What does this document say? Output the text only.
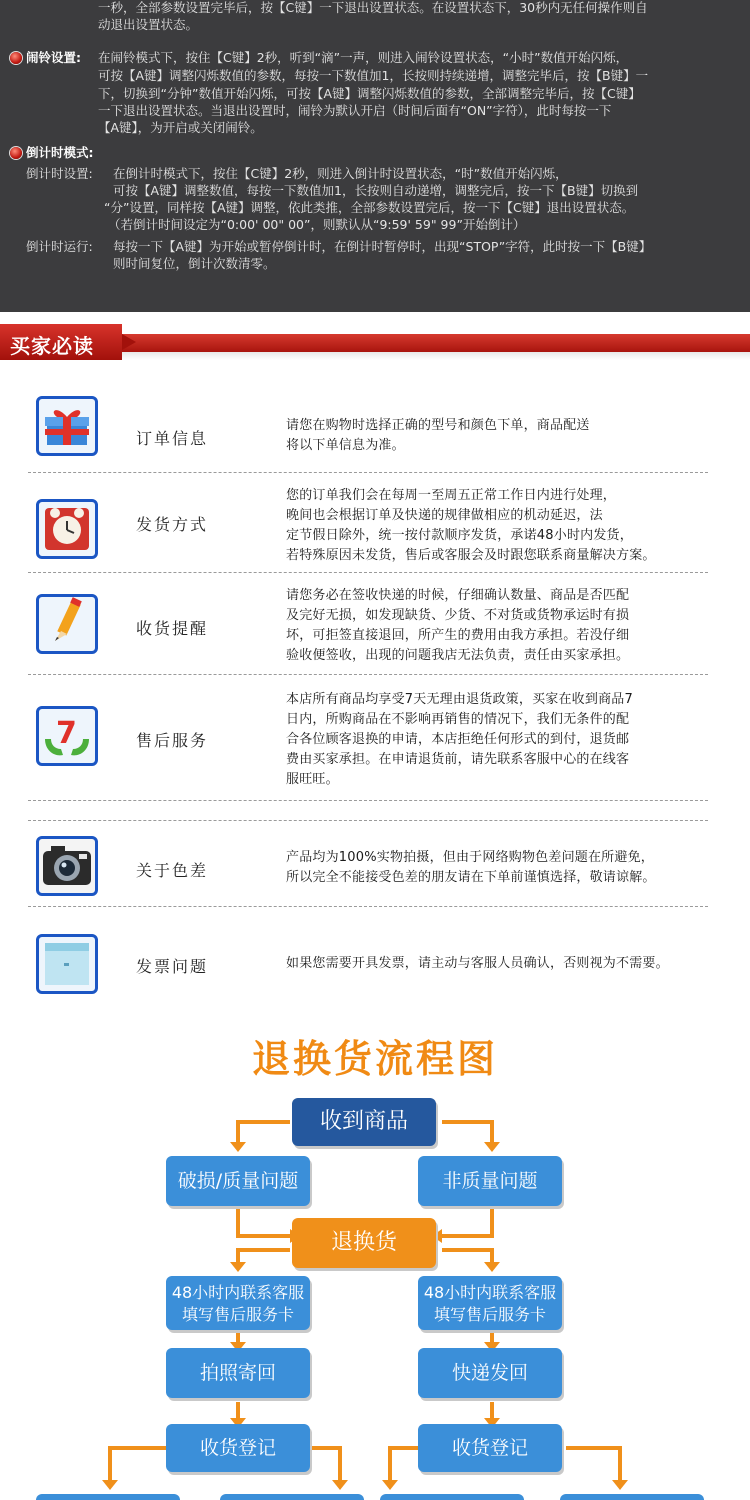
一秒，全部参数设置完毕后，按【C键】一下退出设置状态。在设置状态下，30秒内无任何操作则自
动退出设置状态。
闹铃设置: 在闹铃模式下，按住【C键】2秒，听到“滴”一声，则进入闹铃设置状态，“小时”数值开始闪烁，
可按【A键】调整闪烁数值的参数，每按一下数值加1，长按则持续递增，调整完毕后，按【B键】一
下，切换到“分钟”数值开始闪烁，可按【A键】调整闪烁数值的参数，全部调整完毕后，按【C键】
一下退出设置状态。当退出设置时，闹铃为默认开启（时间后面有“ON”字符），此时每按一下
【A键】，为开启或关闭闹铃。
倒计时模式:
倒计时设置: 在倒计时模式下，按住【C键】2秒，则进入倒计时设置状态，“时”数值开始闪烁，
可按【A键】调整数值，每按一下数值加1，长按则自动递增，调整完后，按一下【B键】切换到
“分”设置，同样按【A键】调整，依此类推，全部参数设置完后，按一下【C键】退出设置状态。
（若倒计时间设定为“0:00' 00" 00”，则默认从“9:59' 59" 99”开始倒计）
倒计时运行: 每按一下【A键】为开始或暂停倒计时，在倒计时暂停时，出现“STOP”字符，此时按一下【B键】
则时间复位，倒计次数清零。
买家必读
订单信息
请您在购物时选择正确的型号和颜色下单，商品配送
将以下单信息为准。
发货方式
您的订单我们会在每周一至周五正常工作日内进行处理，
晚间也会根据订单及快递的规律做相应的机动延迟，法
定节假日除外，统一按付款顺序发货，承诺48小时内发货，
若特殊原因未发货，售后或客服会及时跟您联系商量解决方案。
收货提醒
请您务必在签收快递的时候，仔细确认数量、商品是否匹配
及完好无损，如发现缺货、少货、不对货或货物承运时有损
坏，可拒签直接退回，所产生的费用由我方承担。若没仔细
验收便签收，出现的问题我店无法负责，责任由买家承担。
7	售后服务
本店所有商品均享受7天无理由退货政策，买家在收到商品7
日内，所购商品在不影响再销售的情况下，我们无条件的配
合各位顾客退换的申请，本店拒绝任何形式的到付，退货邮
费由买家承担。在申请退货前，请先联系客服中心的在线客
服旺旺。
关于色差
产品均为100%实物拍摄，但由于网络购物色差问题在所避免，
所以完全不能接受色差的朋友请在下单前谨慎选择，敬请谅解。
发票问题	如果您需要开具发票，请主动与客服人员确认，否则视为不需要。
退换货流程图
收到商品
破损/质量问题	非质量问题
退换货
48小时内联系客服
填写售后服务卡
48小时内联系客服
填写售后服务卡
拍照寄回	快递发回
收货登记	收货登记
